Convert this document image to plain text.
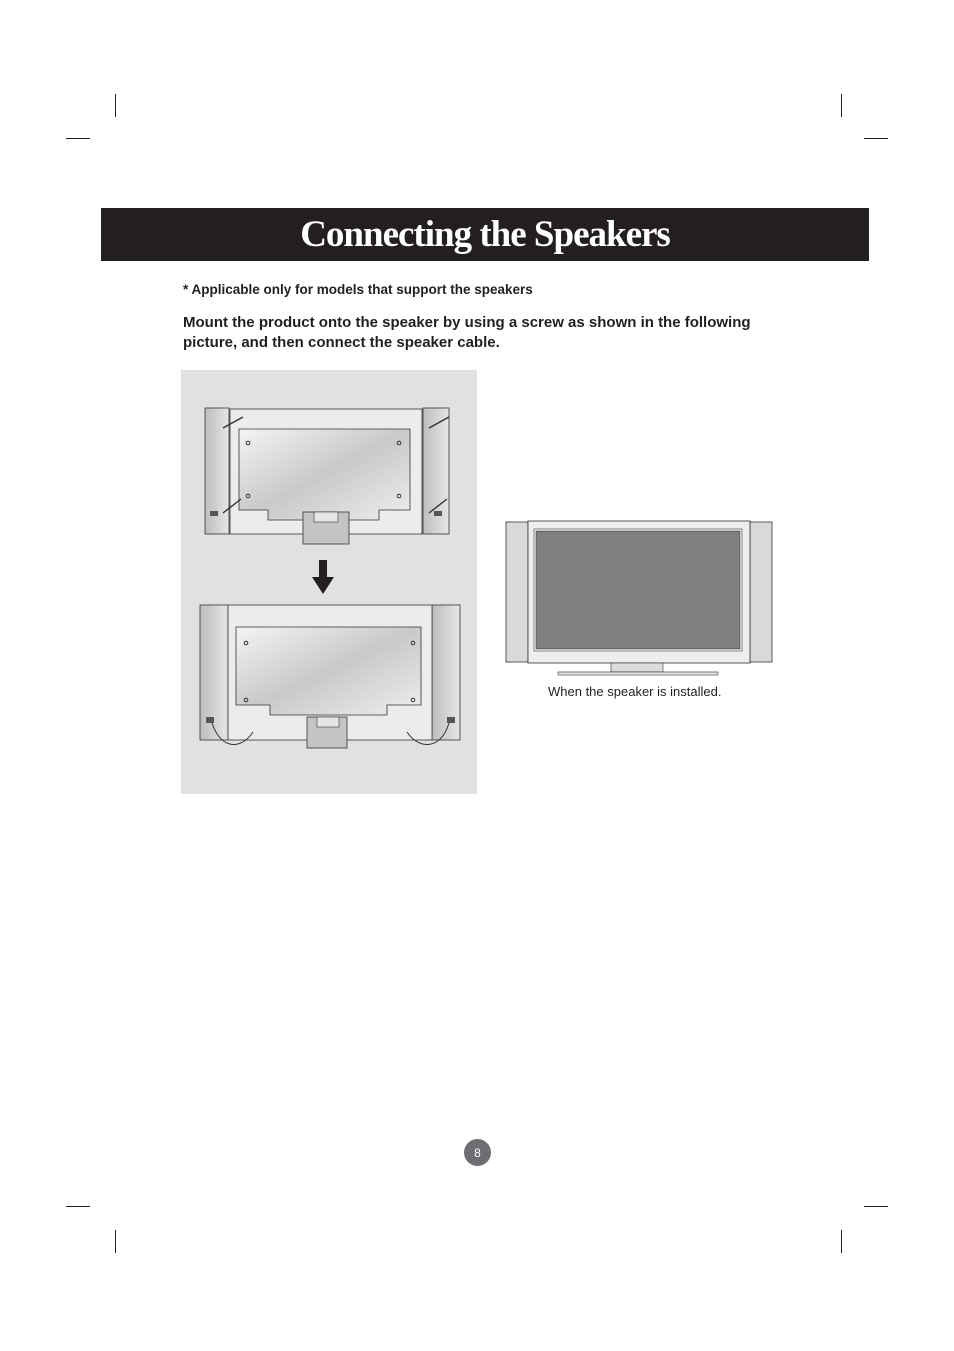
Connecting the Speakers
* Applicable only for models that support the speakers
Mount the product onto the speaker by using a screw as shown in the following picture, and then connect the speaker cable.
When the speaker is installed.
8
